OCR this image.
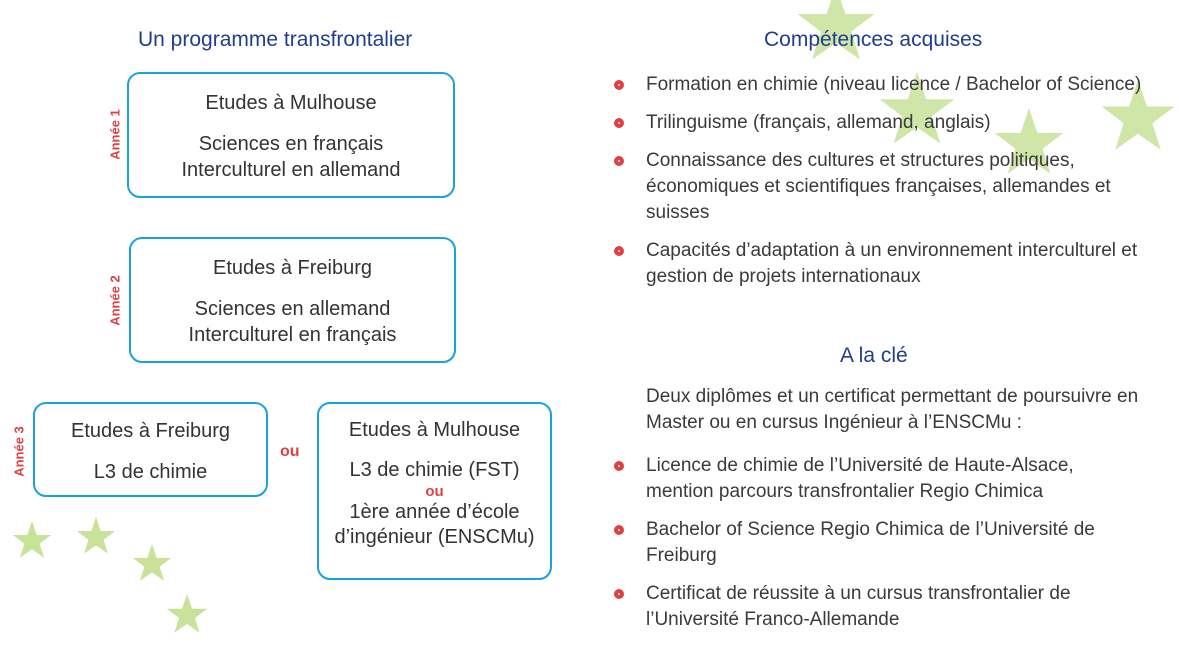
Un programme transfrontalier
Année 1
Etudes à Mulhouse
Sciences en français
Interculturel en allemand
Année 2
Etudes à Freiburg
Sciences en allemand
Interculturel en français
Année 3	Etudes à Freiburg
L3 de chimie
ou
Etudes à Mulhouse
L3 de chimie (FST)
ou
1ère année d’école
d’ingénieur (ENSCMu)
Compétences acquises
Formation en chimie (niveau licence / Bachelor of Science)
Trilinguisme (français, allemand, anglais)
Connaissance des cultures et structures politiques, économiques et scientifiques françaises, allemandes et suisses
Capacités d’adaptation à un environnement interculturel et gestion de projets internationaux
A la clé
Deux diplômes et un certificat permettant de poursuivre en Master ou en cursus Ingénieur à l’ENSCMu :
Licence de chimie de l’Université de Haute-Alsace, mention parcours transfrontalier Regio Chimica
Bachelor of Science Regio Chimica de l’Université de Freiburg
Certificat de réussite à un cursus transfrontalier de l’Université Franco-Allemande
